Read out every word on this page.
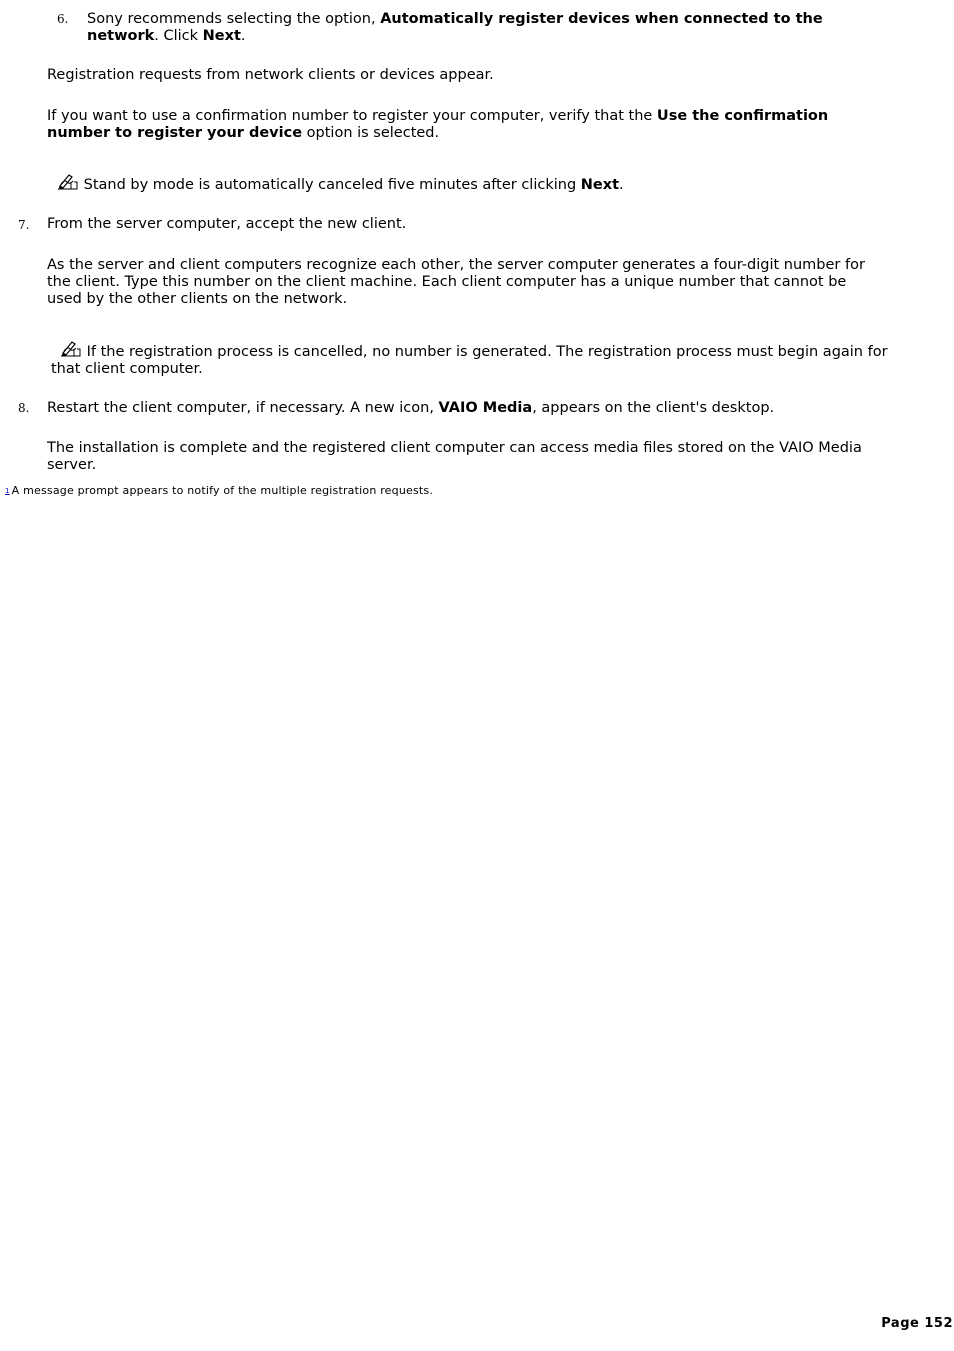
6. Sony recommends selecting the option, Automatically register devices when connected to the
network. Click Next.
Registration requests from network clients or devices appear.
If you want to use a confirmation number to register your computer, verify that the Use the confirmation
number to register your device option is selected.
Stand by mode is automatically canceled five minutes after clicking Next.
7. From the server computer, accept the new client.
As the server and client computers recognize each other, the server computer generates a four-digit number for
the client. Type this number on the client machine. Each client computer has a unique number that cannot be
used by the other clients on the network.
If the registration process is cancelled, no number is generated. The registration process must begin again for
that client computer.
8. Restart the client computer, if necessary. A new icon, VAIO Media, appears on the client's desktop.
The installation is complete and the registered client computer can access media files stored on the VAIO Media
server.
1 A message prompt appears to notify of the multiple registration requests.
Page 152
